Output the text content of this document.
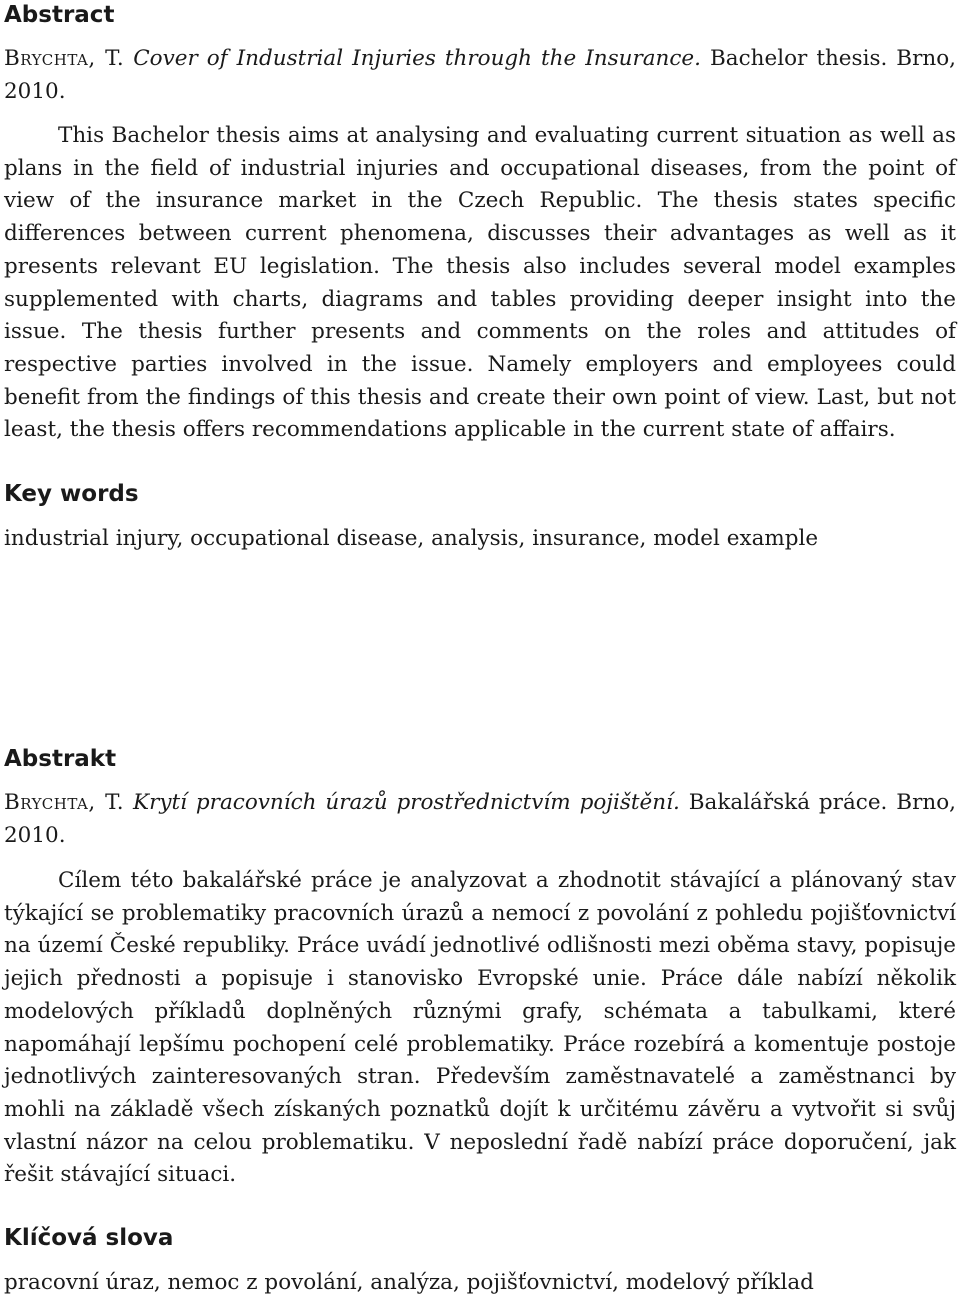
Abstract

Brychta, T. Cover of Industrial Injuries through the Insurance. Bachelor thesis. Brno, 2010.

This Bachelor thesis aims at analysing and evaluating current situation as well as plans in the field of industrial injuries and occupational diseases, from the point of view of the insurance market in the Czech Republic. The thesis states specific differences between current phenomena, discusses their advantages as well as it presents relevant EU legislation. The thesis also includes several model examples supplemented with charts, diagrams and tables providing deeper insight into the issue. The thesis further presents and comments on the roles and attitudes of respective parties involved in the issue. Namely employers and employees could benefit from the findings of this thesis and create their own point of view. Last, but not least, the thesis offers recommendations applicable in the current state of affairs.

Key words

industrial injury, occupational disease, analysis, insurance, model example

Abstrakt

Brychta, T. Krytí pracovních úrazů prostřednictvím pojištění. Bakalářská práce. Brno, 2010.

Cílem této bakalářské práce je analyzovat a zhodnotit stávající a plánovaný stav týkající se problematiky pracovních úrazů a nemocí z povolání z pohledu pojišťovnictví na území České republiky. Práce uvádí jednotlivé odlišnosti mezi oběma stavy, popisuje jejich přednosti a popisuje i stanovisko Evropské unie. Práce dále nabízí několik modelových příkladů doplněných různými grafy, schémata a tabulkami, které napomáhají lepšímu pochopení celé problematiky. Práce rozebírá a komentuje postoje jednotlivých zainteresovaných stran. Především zaměstnavatelé a zaměstnanci by mohli na základě všech získaných poznatků dojít k určitému závěru a vytvořit si svůj vlastní názor na celou problematiku. V neposlední řadě nabízí práce doporučení, jak řešit stávající situaci.

Klíčová slova

pracovní úraz, nemoc z povolání, analýza, pojišťovnictví, modelový příklad
